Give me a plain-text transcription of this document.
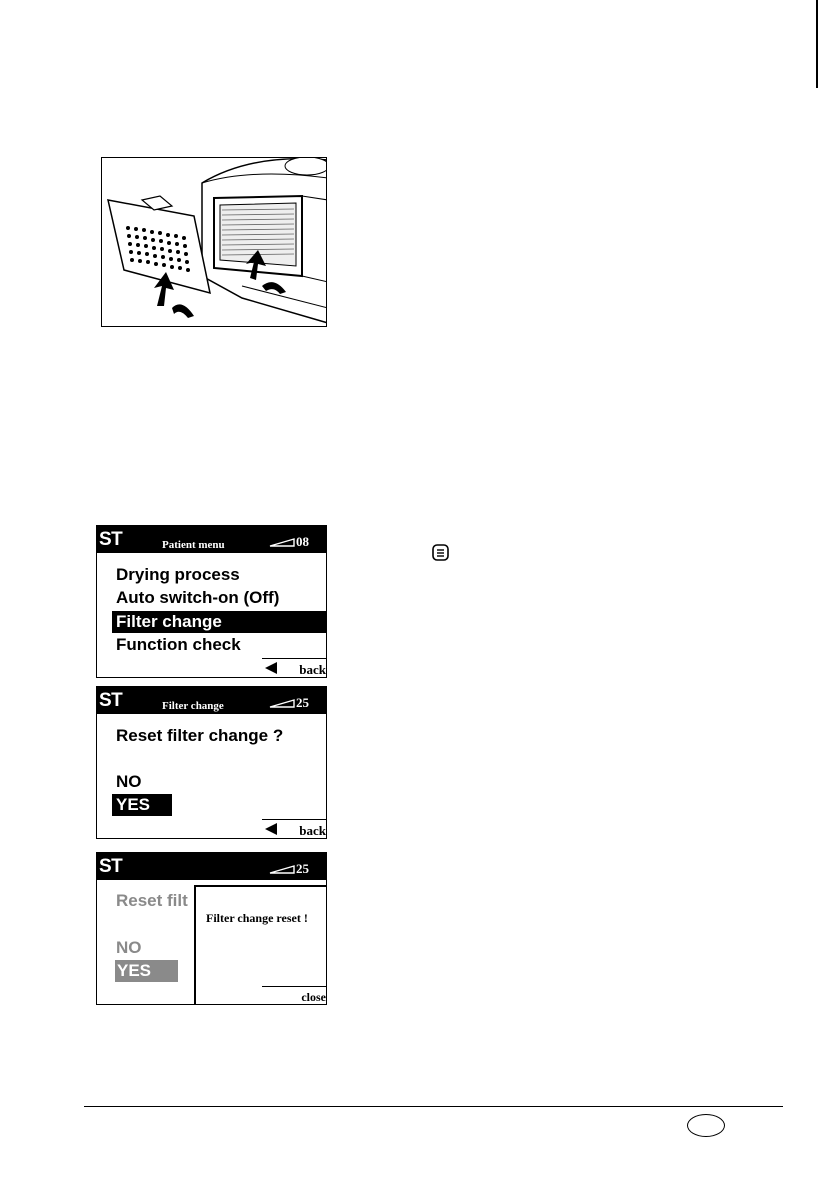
ST	Patient menu	08
Drying process
Auto switch-on (Off)
Filter change
Function check
back
ST	Filter change	25
Reset filter change ?
NO
YES
back
ST	25
Reset filt
NO
YES
Filter change reset !
close
